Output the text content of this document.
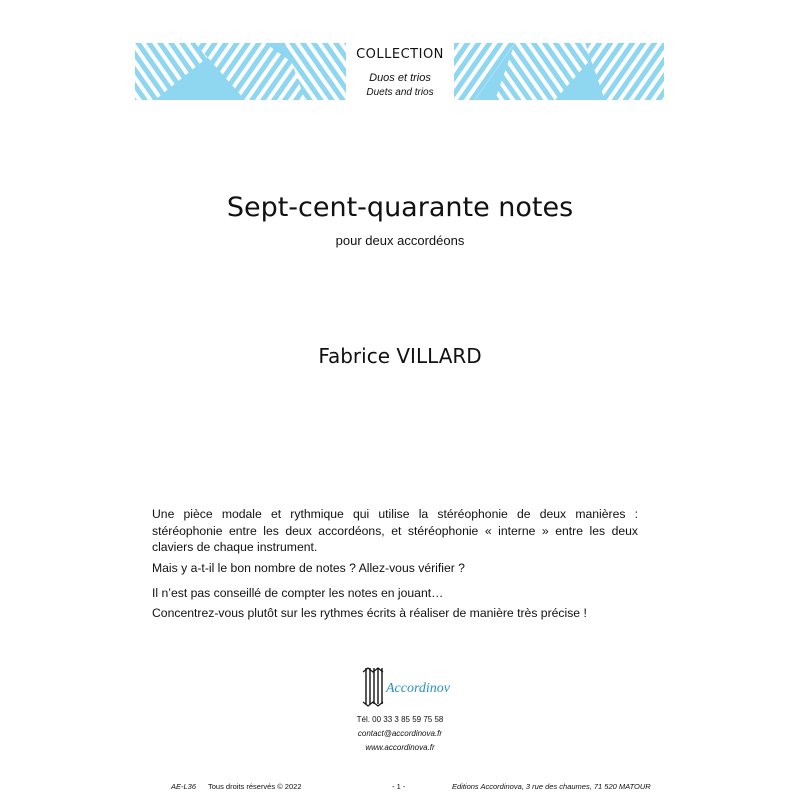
COLLECTION
Duos et trios
Duets and trios
Sept-cent-quarante notes
pour deux accordéons
Fabrice VILLARD

Une pièce modale et rythmique qui utilise la stéréophonie de deux manières : stéréophonie entre les deux accordéons, et stéréophonie « interne » entre les deux claviers de chaque instrument.

Mais y a-t-il le bon nombre de notes ? Allez-vous vérifier ?

Il n’est pas conseillé de compter les notes en jouant…

Concentrez-vous plutôt sur les rythmes écrits à réaliser de manière très précise !

Accordinova
Tél. 00 33 3 85 59 75 58
contact@accordinova.fr
www.accordinova.fr
AE-L36 Tous droits réservés © 2022	- 1 -	Editions Accordinova, 3 rue des chaumes, 71 520 MATOUR
